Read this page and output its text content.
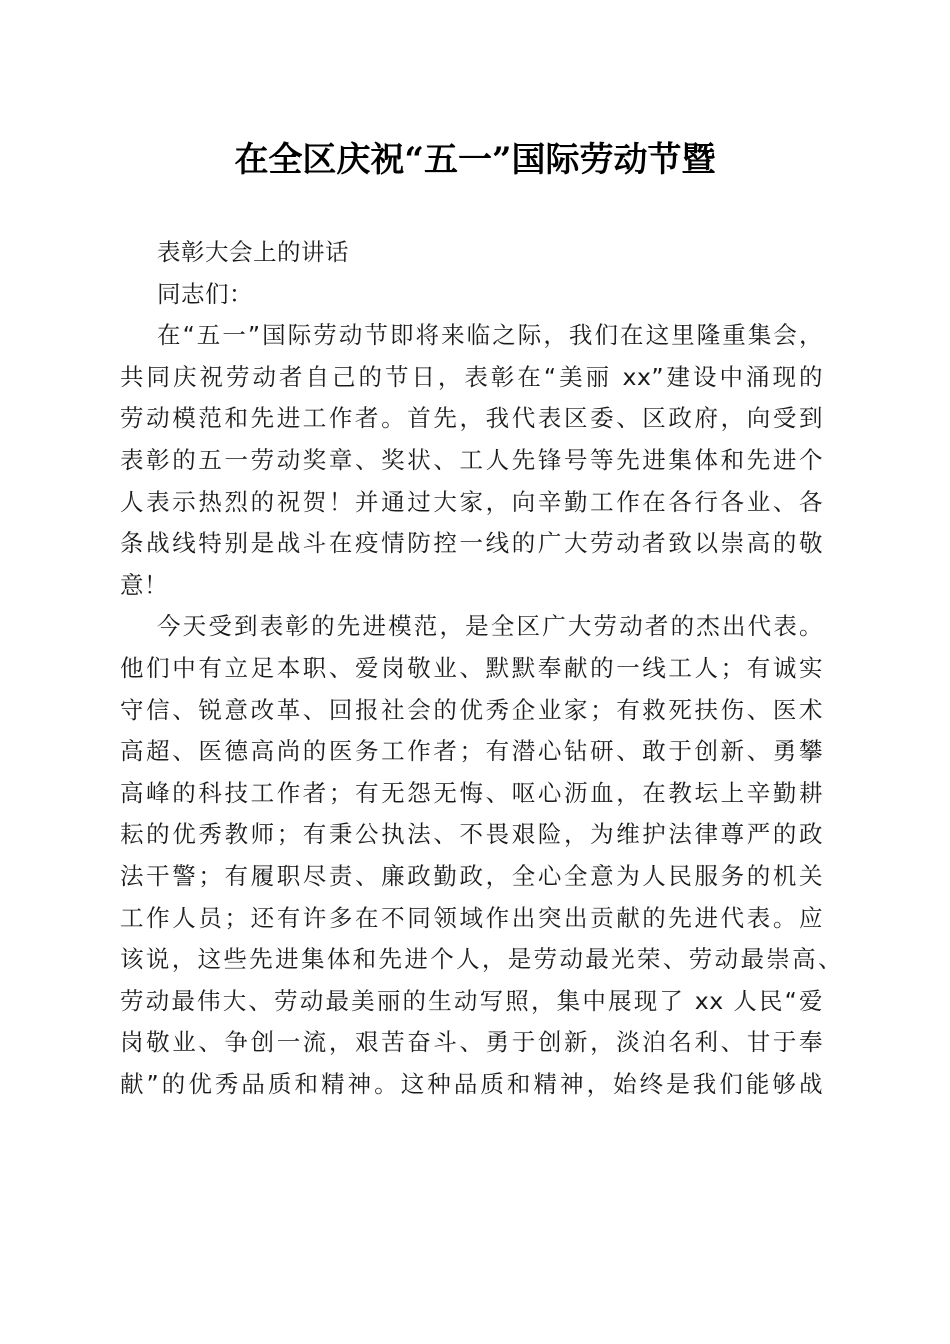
在全区庆祝“五一”国际劳动节暨
表彰大会上的讲话
同志们：
在“五一”国际劳动节即将来临之际，我们在这里隆重集会，
共同庆祝劳动者自己的节日，表彰在“美丽 xx”建设中涌现的
劳动模范和先进工作者。首先，我代表区委、区政府，向受到
表彰的五一劳动奖章、奖状、工人先锋号等先进集体和先进个
人表示热烈的祝贺！并通过大家，向辛勤工作在各行各业、各
条战线特别是战斗在疫情防控一线的广大劳动者致以崇高的敬
意！
今天受到表彰的先进模范，是全区广大劳动者的杰出代表。
他们中有立足本职、爱岗敬业、默默奉献的一线工人；有诚实
守信、锐意改革、回报社会的优秀企业家；有救死扶伤、医术
高超、医德高尚的医务工作者；有潜心钻研、敢于创新、勇攀
高峰的科技工作者；有无怨无悔、呕心沥血，在教坛上辛勤耕
耘的优秀教师；有秉公执法、不畏艰险，为维护法律尊严的政
法干警；有履职尽责、廉政勤政，全心全意为人民服务的机关
工作人员；还有许多在不同领域作出突出贡献的先进代表。应
该说，这些先进集体和先进个人，是劳动最光荣、劳动最崇高、
劳动最伟大、劳动最美丽的生动写照，集中展现了 xx 人民“爱
岗敬业、争创一流，艰苦奋斗、勇于创新，淡泊名利、甘于奉
献”的优秀品质和精神。这种品质和精神，始终是我们能够战
